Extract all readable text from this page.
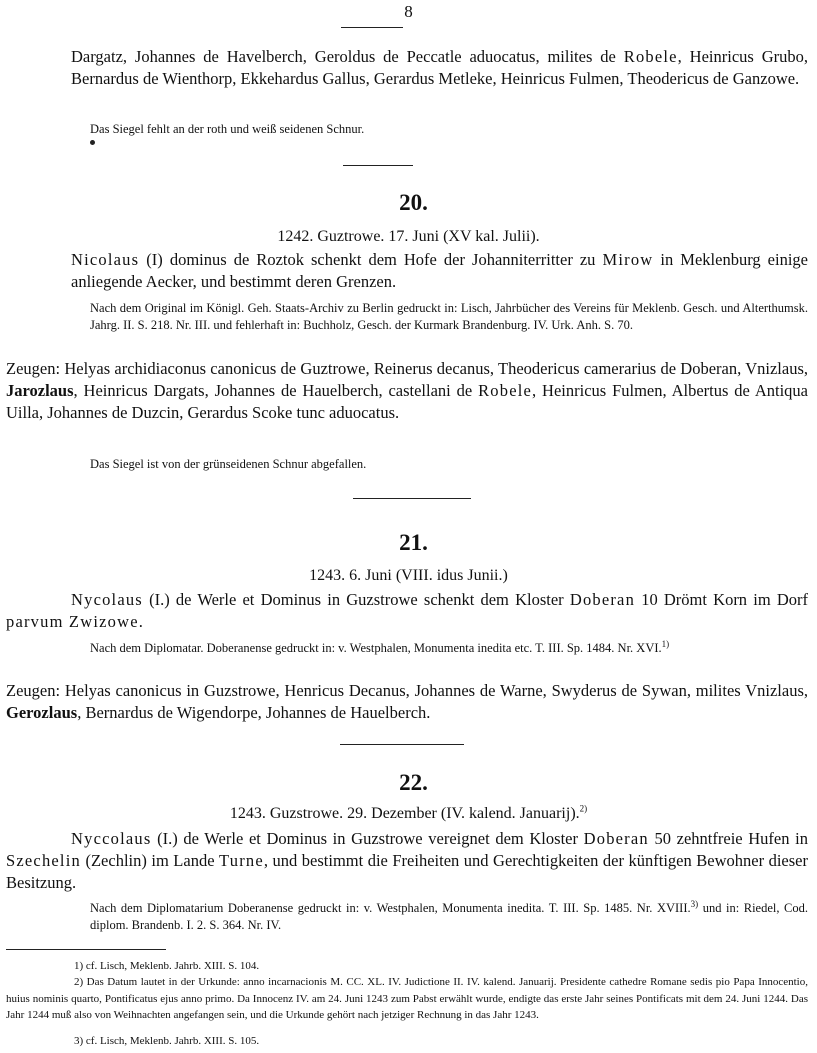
8
Dargatz, Johannes de Havelberch, Geroldus de Peccatle aduocatus, milites de Robele, Heinricus Grubo, Bernardus de Wienthorp, Ekkehardus Gallus, Gerardus Metleke, Heinricus Fulmen, Theodericus de Ganzowe.
Das Siegel fehlt an der roth und weiß seidenen Schnur.
20.
1242. Guztrowe. 17. Juni (XV kal. Julii).
Nicolaus (I) dominus de Roztok schenkt dem Hofe der Johanniterritter zu Mirow in Meklenburg einige anliegende Aecker, und bestimmt deren Grenzen.
Nach dem Original im Königl. Geh. Staats-Archiv zu Berlin gedruckt in: Lisch, Jahrbücher des Vereins für Meklenb. Gesch. und Alterthumsk. Jahrg. II. S. 218. Nr. III. und fehlerhaft in: Buchholz, Gesch. der Kurmark Brandenburg. IV. Urk. Anh. S. 70.
Zeugen: Helyas archidiaconus canonicus de Guztrowe, Reinerus decanus, Theodericus camerarius de Doberan, Vnizlaus, Jarozlaus, Heinricus Dargats, Johannes de Hauelberch, castellani de Robele, Heinricus Fulmen, Albertus de Antiqua Uilla, Johannes de Duzcin, Gerardus Scoke tunc aduocatus.
Das Siegel ist von der grünseidenen Schnur abgefallen.
21.
1243. 6. Juni (VIII. idus Junii.)
Nycolaus (I.) de Werle et Dominus in Guzstrowe schenkt dem Kloster Doberan 10 Drömt Korn im Dorf parvum Zwizowe.
Nach dem Diplomatar. Doberanense gedruckt in: v. Westphalen, Monumenta inedita etc. T. III. Sp. 1484. Nr. XVI.$^{1)}$
Zeugen: Helyas canonicus in Guzstrowe, Henricus Decanus, Johannes de Warne, Swyderus de Sywan, milites Vnizlaus, Gerozlaus, Bernardus de Wigendorpe, Johannes de Hauelberch.
22.
1243. Guzstrowe. 29. Dezember (IV. kalend. Januarij).$^{2)}$
Nyccolaus (I.) de Werle et Dominus in Guzstrowe vereignet dem Kloster Doberan 50 zehntfreie Hufen in Szechelin (Zechlin) im Lande Turne, und bestimmt die Freiheiten und Gerechtigkeiten der künftigen Bewohner dieser Besitzung.
Nach dem Diplomatarium Doberanense gedruckt in: v. Westphalen, Monumenta inedita. T. III. Sp. 1485. Nr. XVIII.$^{3)}$ und in: Riedel, Cod. diplom. Brandenb. I. 2. S. 364. Nr. IV.
1) cf. Lisch, Meklenb. Jahrb. XIII. S. 104.
2) Das Datum lautet in der Urkunde: anno incarnacionis M. CC. XL. IV. Judictione II. IV. kalend. Januarij. Presidente cathedre Romane sedis pio Papa Innocentio, huius nominis quarto, Pontificatus ejus anno primo. Da Innocenz IV. am 24. Juni 1243 zum Pabst erwählt wurde, endigte das erste Jahr seines Pontificats mit dem 24. Juni 1244. Das Jahr 1244 muß also von Weihnachten angefangen sein, und die Urkunde gehört nach jetziger Rechnung in das Jahr 1243.
3) cf. Lisch, Meklenb. Jahrb. XIII. S. 105.
